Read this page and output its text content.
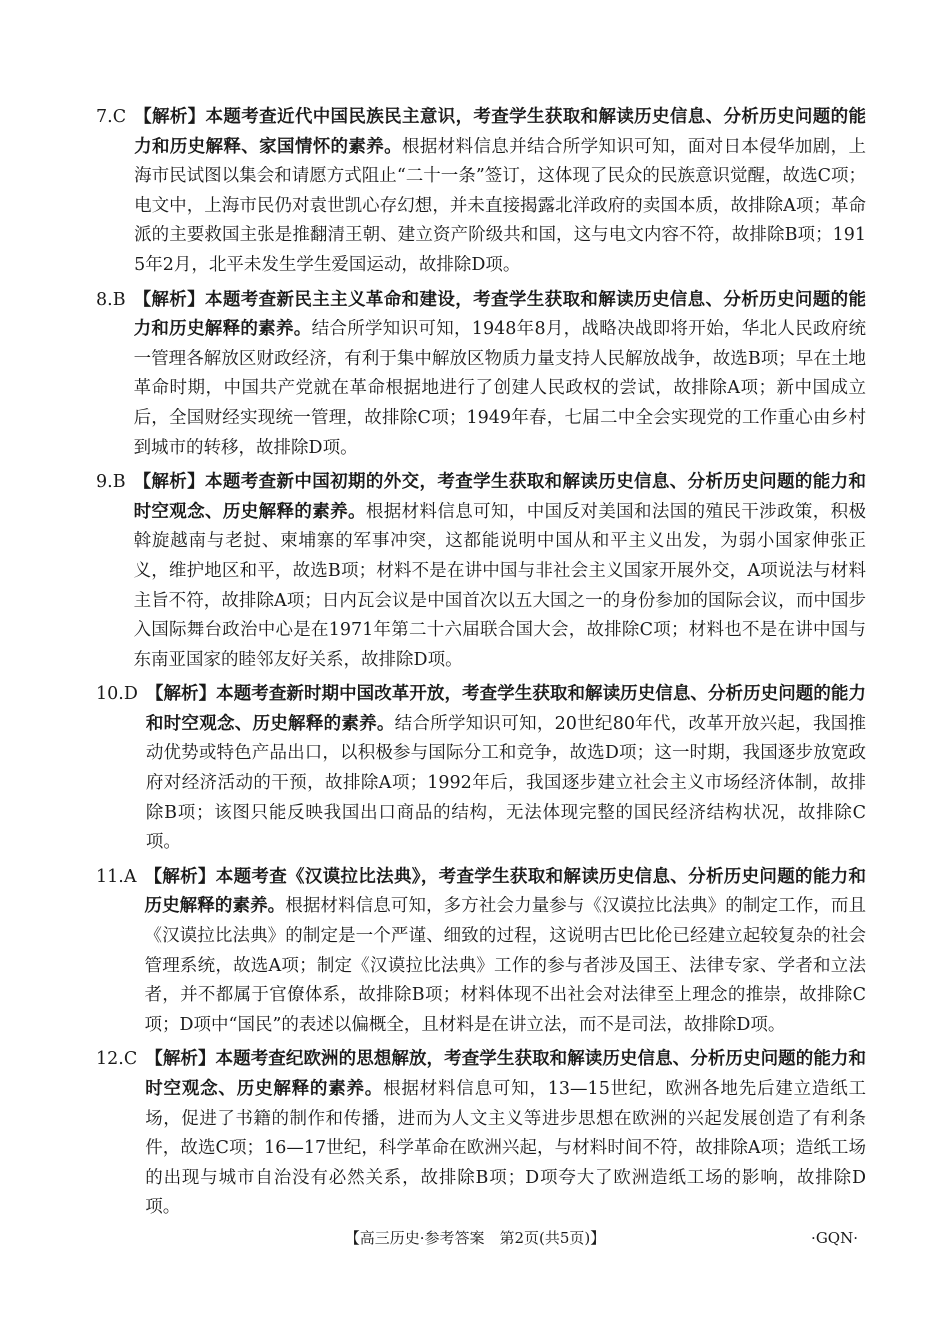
7.C 【解析】本题考查近代中国民族民主意识，考查学生获取和解读历史信息、分析历史问题的能力和历史解释、家国情怀的素养。根据材料信息并结合所学知识可知，面对日本侵华加剧，上海市民试图以集会和请愿方式阻止“二十一条”签订，这体现了民众的民族意识觉醒，故选C项；电文中，上海市民仍对袁世凯心存幻想，并未直接揭露北洋政府的卖国本质，故排除A项；革命派的主要救国主张是推翻清王朝、建立资产阶级共和国，这与电文内容不符，故排除B项；1915年2月，北平未发生学生爱国运动，故排除D项。
8.B 【解析】本题考查新民主主义革命和建设，考查学生获取和解读历史信息、分析历史问题的能力和历史解释的素养。结合所学知识可知，1948年8月，战略决战即将开始，华北人民政府统一管理各解放区财政经济，有利于集中解放区物质力量支持人民解放战争，故选B项；早在土地革命时期，中国共产党就在革命根据地进行了创建人民政权的尝试，故排除A项；新中国成立后，全国财经实现统一管理，故排除C项；1949年春，七届二中全会实现党的工作重心由乡村到城市的转移，故排除D项。
9.B 【解析】本题考查新中国初期的外交，考查学生获取和解读历史信息、分析历史问题的能力和时空观念、历史解释的素养。根据材料信息可知，中国反对美国和法国的殖民干涉政策，积极斡旋越南与老挝、柬埔寨的军事冲突，这都能说明中国从和平主义出发，为弱小国家伸张正义，维护地区和平，故选B项；材料不是在讲中国与非社会主义国家开展外交，A项说法与材料主旨不符，故排除A项；日内瓦会议是中国首次以五大国之一的身份参加的国际会议，而中国步入国际舞台政治中心是在1971年第二十六届联合国大会，故排除C项；材料也不是在讲中国与东南亚国家的睦邻友好关系，故排除D项。
10.D 【解析】本题考查新时期中国改革开放，考查学生获取和解读历史信息、分析历史问题的能力和时空观念、历史解释的素养。结合所学知识可知，20世纪80年代，改革开放兴起，我国推动优势或特色产品出口，以积极参与国际分工和竞争，故选D项；这一时期，我国逐步放宽政府对经济活动的干预，故排除A项；1992年后，我国逐步建立社会主义市场经济体制，故排除B项；该图只能反映我国出口商品的结构，无法体现完整的国民经济结构状况，故排除C项。
11.A 【解析】本题考查《汉谟拉比法典》，考查学生获取和解读历史信息、分析历史问题的能力和历史解释的素养。根据材料信息可知，多方社会力量参与《汉谟拉比法典》的制定工作，而且《汉谟拉比法典》的制定是一个严谨、细致的过程，这说明古巴比伦已经建立起较复杂的社会管理系统，故选A项；制定《汉谟拉比法典》工作的参与者涉及国王、法律专家、学者和立法者，并不都属于官僚体系，故排除B项；材料体现不出社会对法律至上理念的推崇，故排除C项；D项中“国民”的表述以偏概全，且材料是在讲立法，而不是司法，故排除D项。
12.C 【解析】本题考查纪欧洲的思想解放，考查学生获取和解读历史信息、分析历史问题的能力和时空观念、历史解释的素养。根据材料信息可知，13—15世纪，欧洲各地先后建立造纸工场，促进了书籍的制作和传播，进而为人文主义等进步思想在欧洲的兴起发展创造了有利条件，故选C项；16—17世纪，科学革命在欧洲兴起，与材料时间不符，故排除A项；造纸工场的出现与城市自治没有必然关系，故排除B项；D项夸大了欧洲造纸工场的影响，故排除D项。
【高三历史·参考答案　第2页(共5页)】	·GQN·
